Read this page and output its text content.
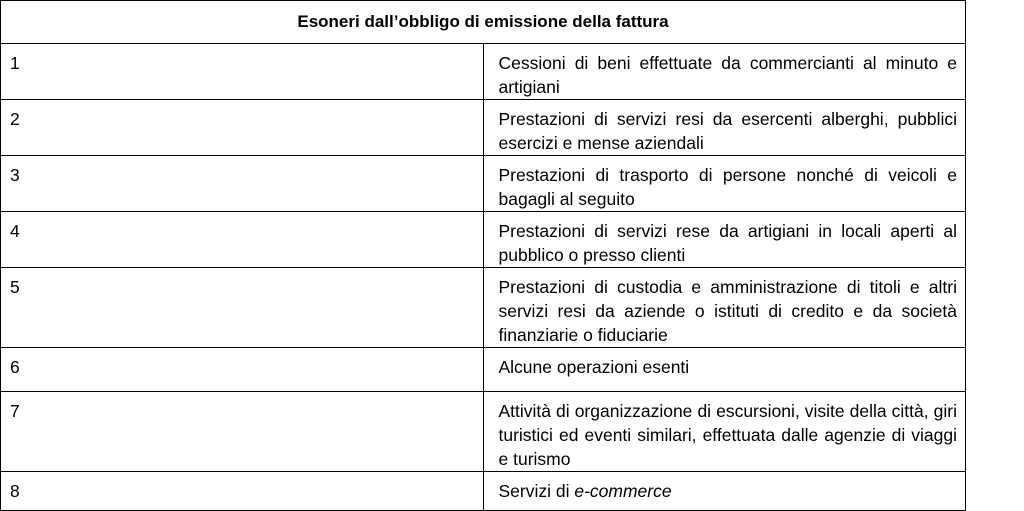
Esoneri dall’obbligo di emissione della fattura	
1	Cessioni di beni effettuate da commercianti al minuto e artigiani
2	Prestazioni di servizi resi da esercenti alberghi, pubblici esercizi e mense aziendali
3	Prestazioni di trasporto di persone nonché di veicoli e bagagli al seguito
4	Prestazioni di servizi rese da artigiani in locali aperti al pubblico o presso clienti
5	Prestazioni di custodia e amministrazione di titoli e altri servizi resi da aziende o istituti di credito e da società finanziarie o fiduciarie
6	Alcune operazioni esenti
7	Attività di organizzazione di escursioni, visite della città, giri turistici ed eventi similari, effettuata dalle agenzie di viaggi e turismo
8	Servizi di e-commerce
